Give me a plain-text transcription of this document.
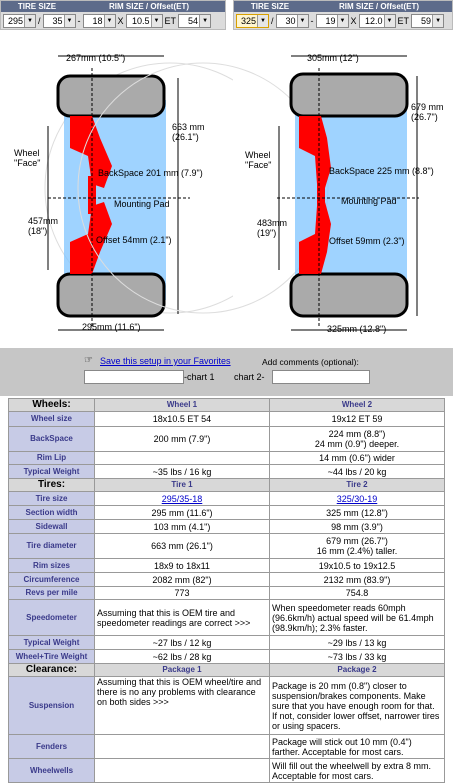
TIRE SIZE	RIM SIZE / Offset(ET)
295 ▼ /	35 ▼ -	18 ▼ X 10.5 ▼ ET	54 ▼
TIRE SIZE	RIM SIZE / Offset(ET)
325 ▼ /	30 ▼ -	19 ▼ X 12.0 ▼ ET	59 ▼
267mm (10.5")
663 mm (26.1")
Wheel
"Face"
BackSpace 201 mm (7.9")
Mounting Pad
457mm (18")
Offset 54mm (2.1")
295mm (11.6")
305mm (12")
679 mm (26.7")
Wheel
"Face"
BackSpace 225 mm (8.8")
Mounting Pad
483mm (19")
Offset 59mm (2.3")
325mm (12.8")
☞ Save this setup in your Favorites	Add comments (optional):
-chart 1 chart 2-
Wheels:	Wheel 1	Wheel 2
Wheel size	18x10.5 ET 54	19x12 ET 59
BackSpace	200 mm (7.9")	224 mm (8.8")
24 mm (0.9") deeper.

Rim Lip		14 mm (0.6") wider
Typical Weight	~35 lbs / 16 kg	~44 lbs / 20 kg
Tires:	Tire 1	Tire 2
Tire size	295/35-18	325/30-19
Section width	295 mm (11.6")	325 mm (12.8")
Sidewall	103 mm (4.1")	98 mm (3.9")
Tire diameter	663 mm (26.1")	679 mm (26.7")
16 mm (2.4%) taller.

Rim sizes	18x9 to 18x11	19x10.5 to 19x12.5
Circumference	2082 mm (82")	2132 mm (83.9")
Revs per mile	773	754.8
Speedometer	Assuming that this is OEM tire and speedometer readings are correct >>>	When speedometer reads 60mph (96.6km/h) actual speed will be 61.4mph (98.9km/h); 2.3% faster.
Typical Weight	~27 lbs / 12 kg	~29 lbs / 13 kg
Wheel+Tire Weight	~62 lbs / 28 kg	~73 lbs / 33 kg
Clearance:	Package 1	Package 2
Suspension	Assuming that this is OEM wheel/tire and there is no any problems with clearance on both sides >>>	Package is 20 mm (0.8") closer to suspension/brakes components. Make sure that you have enough room for that. If not, consider lower offset, narrower tires or using spacers.
Fenders		Package will stick out 10 mm (0.4") farther. Acceptable for most cars.
Wheelwells		Will fill out the wheelwell by extra 8 mm. Acceptable for most cars.
